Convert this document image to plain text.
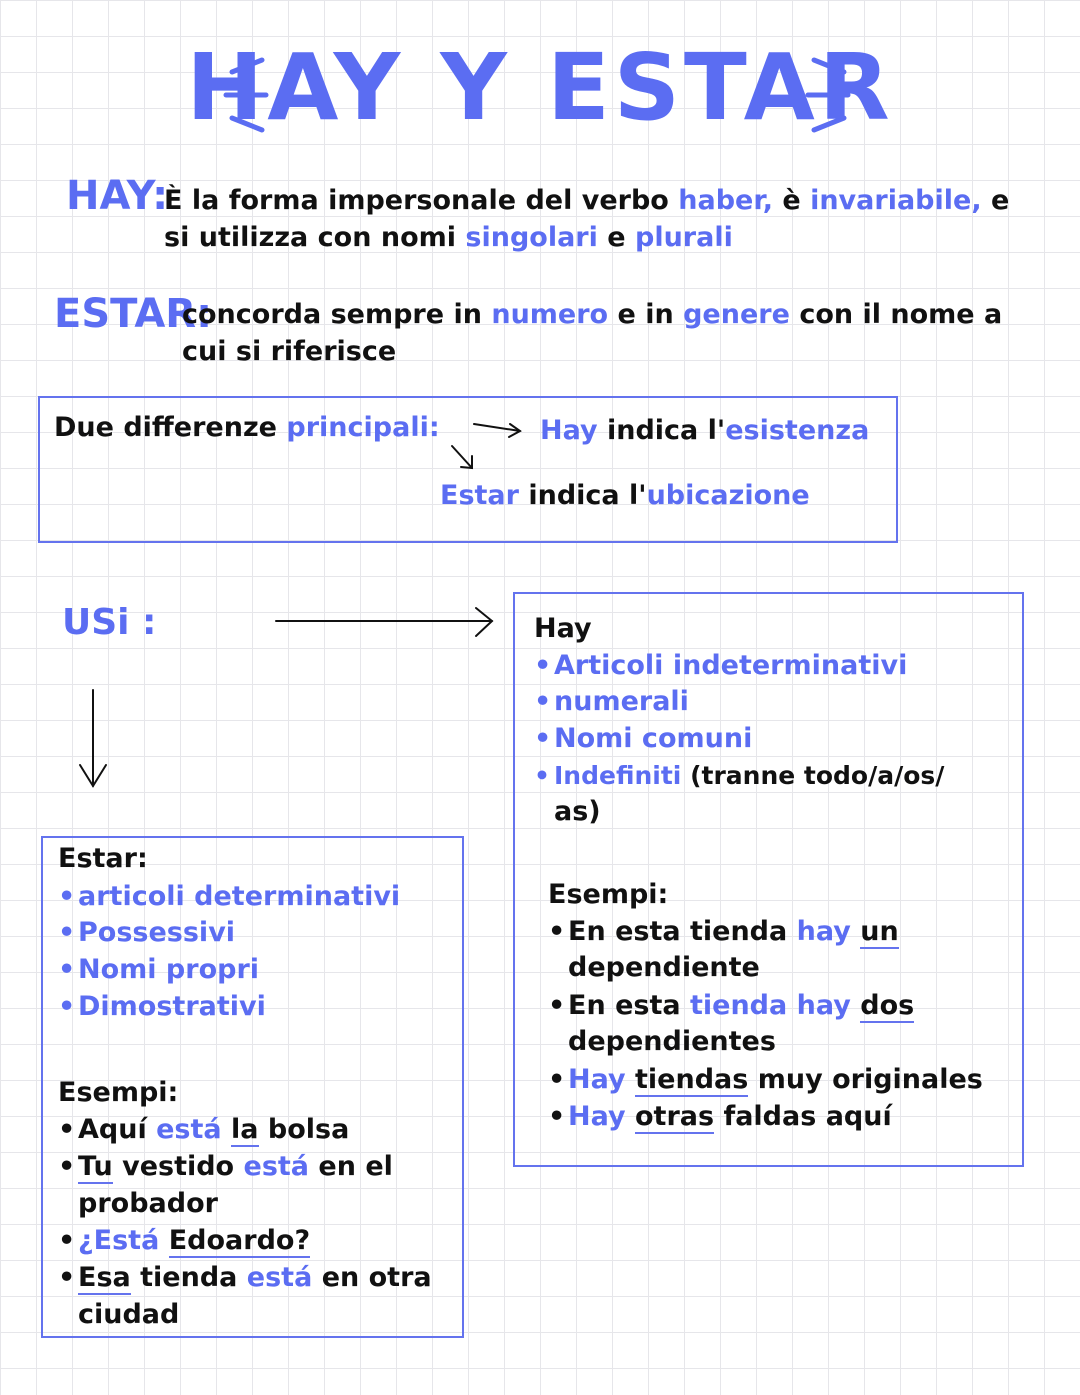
HAY Y ESTAR
HAY:
È la forma impersonale del verbo haber, è invariabile, e
si utilizza con nomi singolari e plurali
ESTAR:
concorda sempre in numero e in genere con il nome a
cui si riferisce
Due differenze principali:	Hay indica l'esistenza
Estar indica l'ubicazione
USi :	Hay
• Articoli indeterminativi
• numerali
• Nomi comuni
• Indefiniti (tranne todo/a/os/
as)
Esempi:
• En esta tienda hay un
dependiente
• En esta tienda hay dos
dependientes
• Hay tiendas muy originales
• Hay otras faldas aquí
Estar:
• articoli determinativi
• Possessivi
• Nomi propri
• Dimostrativi
Esempi:
• Aquí está la bolsa
• Tu vestido está en el
probador
• ¿Está Edoardo?
• Esa tienda está en otra
ciudad
